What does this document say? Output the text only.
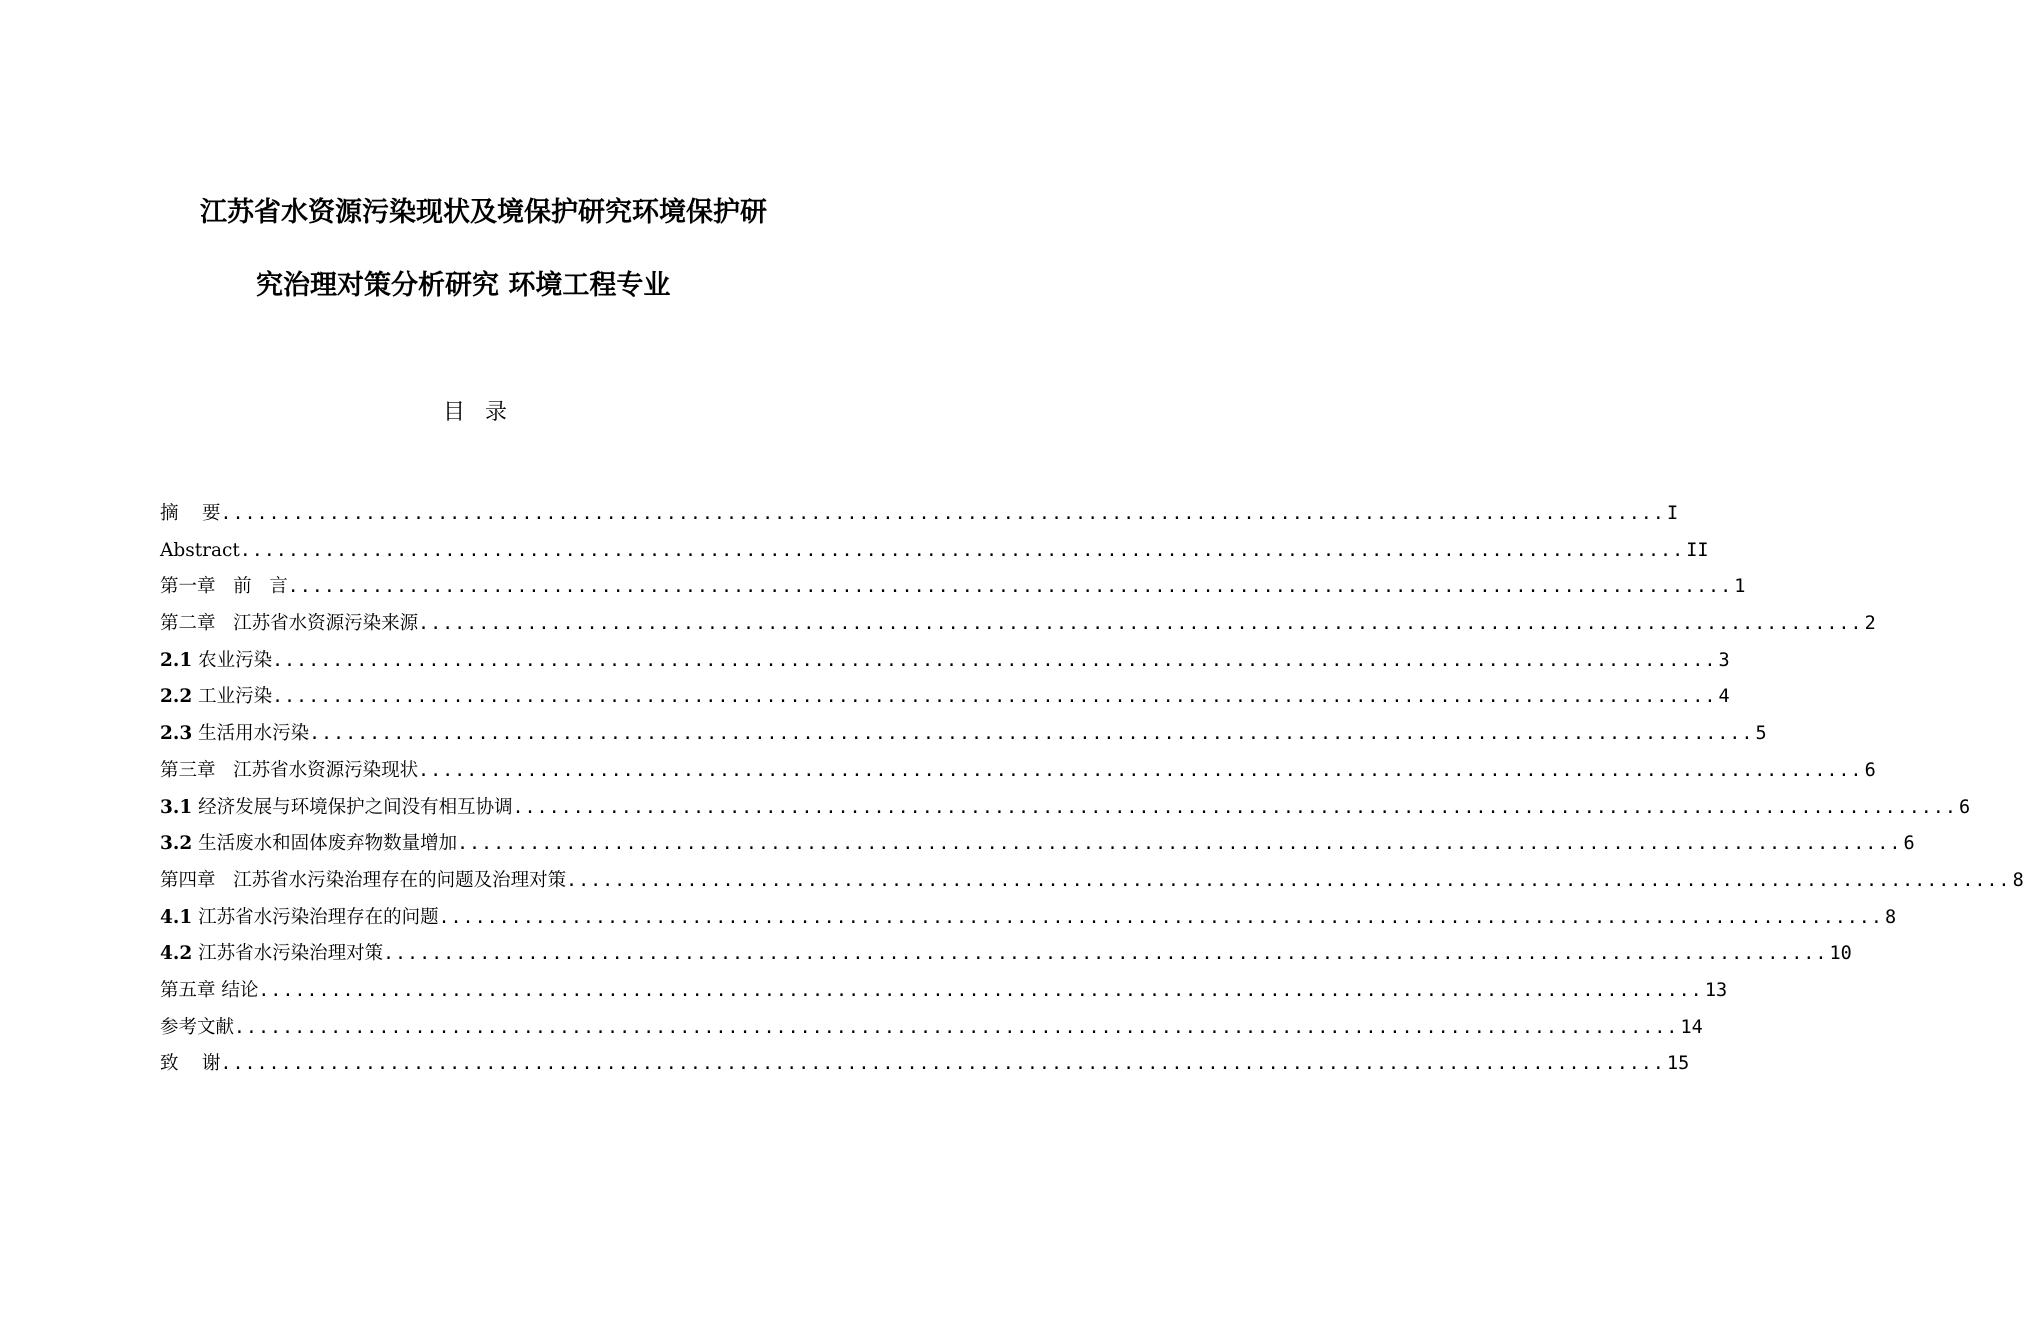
江苏省水资源污染现状及境保护研究环境保护研
究治理对策分析研究 环境工程专业
目录
摘    要 ........................................................................................................................ I
Abstract ........................................................................................................................ II
第一章   前   言 ........................................................................................................................ 1
第二章   江苏省水资源污染来源 ........................................................................................................................ 2
2.1 农业污染 ........................................................................................................................ 3
2.2 工业污染 ........................................................................................................................ 4
2.3 生活用水污染 ........................................................................................................................ 5
第三章   江苏省水资源污染现状 ........................................................................................................................ 6
3.1 经济发展与环境保护之间没有相互协调 ........................................................................................................................ 6
3.2 生活废水和固体废弃物数量增加 ........................................................................................................................ 6
第四章   江苏省水污染治理存在的问题及治理对策 ........................................................................................................................ 8
4.1 江苏省水污染治理存在的问题 ........................................................................................................................ 8
4.2 江苏省水污染治理对策 ........................................................................................................................ 10
第五章 结论 ........................................................................................................................ 13
参考文献 ........................................................................................................................ 14
致    谢 ........................................................................................................................ 15
